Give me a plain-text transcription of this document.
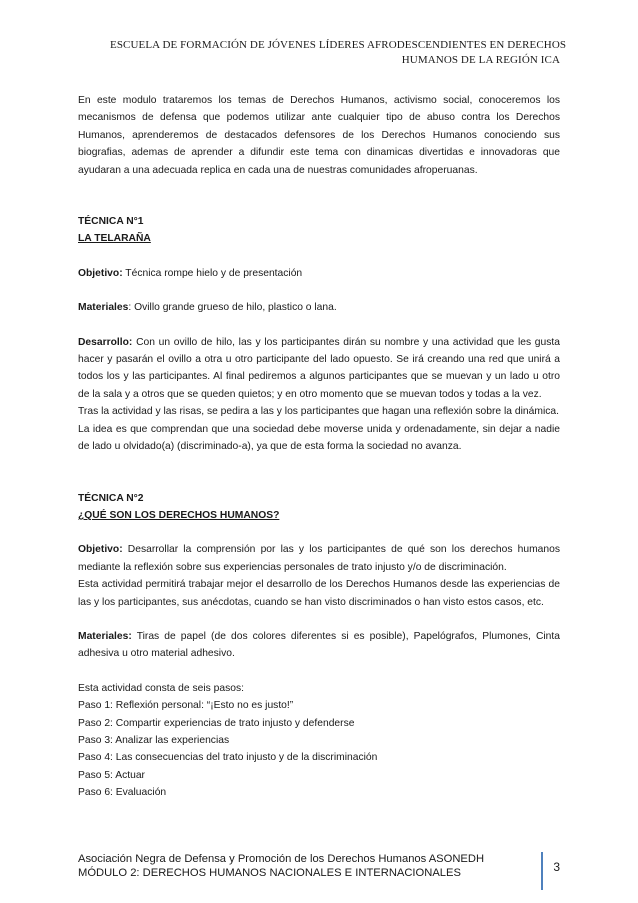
ESCUELA DE FORMACIÓN DE JÓVENES LÍDERES AFRODESCENDIENTES EN DERECHOS
HUMANOS DE LA REGIÓN ICA

En este modulo trataremos los temas de Derechos Humanos, activismo social, conoceremos los mecanismos de defensa que podemos utilizar ante cualquier tipo de abuso contra los Derechos Humanos, aprenderemos de destacados defensores de los Derechos Humanos conociendo sus biografias, ademas de aprender a difundir este tema con dinamicas divertidas e innovadoras que ayudaran a una adecuada replica en cada una de nuestras comunidades afroperuanas.

TÉCNICA N°1

LA TELARAÑA

Objetivo: Técnica rompe hielo y de presentación

Materiales: Ovillo grande grueso de hilo, plastico o lana.

Desarrollo: Con un ovillo de hilo, las y los participantes dirán su nombre y una actividad que les gusta hacer y pasarán el ovillo a otra u otro participante del lado opuesto. Se irá creando una red que unirá a todos los y las participantes. Al final pediremos a algunos participantes que se muevan y un lado u otro de la sala y a otros que se queden quietos; y en otro momento que se muevan todos y todas a la vez.

Tras la actividad y las risas, se pedira a las y los participantes que hagan una reflexión sobre la dinámica.

La idea es que comprendan que una sociedad debe moverse unida y ordenadamente, sin dejar a nadie de lado u olvidado(a) (discriminado-a), ya que de esta forma la sociedad no avanza.

TÉCNICA N°2

¿QUÉ SON LOS DERECHOS HUMANOS?

Objetivo: Desarrollar la comprensión por las y los participantes de qué son los derechos humanos mediante la reflexión sobre sus experiencias personales de trato injusto y/o de discriminación.

Esta actividad permitirá trabajar mejor el desarrollo de los Derechos Humanos desde las experiencias de las y los participantes, sus anécdotas, cuando se han visto discriminados o han visto estos casos, etc.

Materiales: Tiras de papel (de dos colores diferentes si es posible), Papelógrafos, Plumones, Cinta adhesiva u otro material adhesivo.

Esta actividad consta de seis pasos:

Paso 1: Reflexión personal: “¡Esto no es justo!”

Paso 2: Compartir experiencias de trato injusto y defenderse

Paso 3: Analizar las experiencias

Paso 4: Las consecuencias del trato injusto y de la discriminación

Paso 5: Actuar

Paso 6: Evaluación

Asociación Negra de Defensa y Promoción de los Derechos Humanos ASONEDH
MÓDULO 2: DERECHOS HUMANOS NACIONALES E INTERNACIONALES	3
